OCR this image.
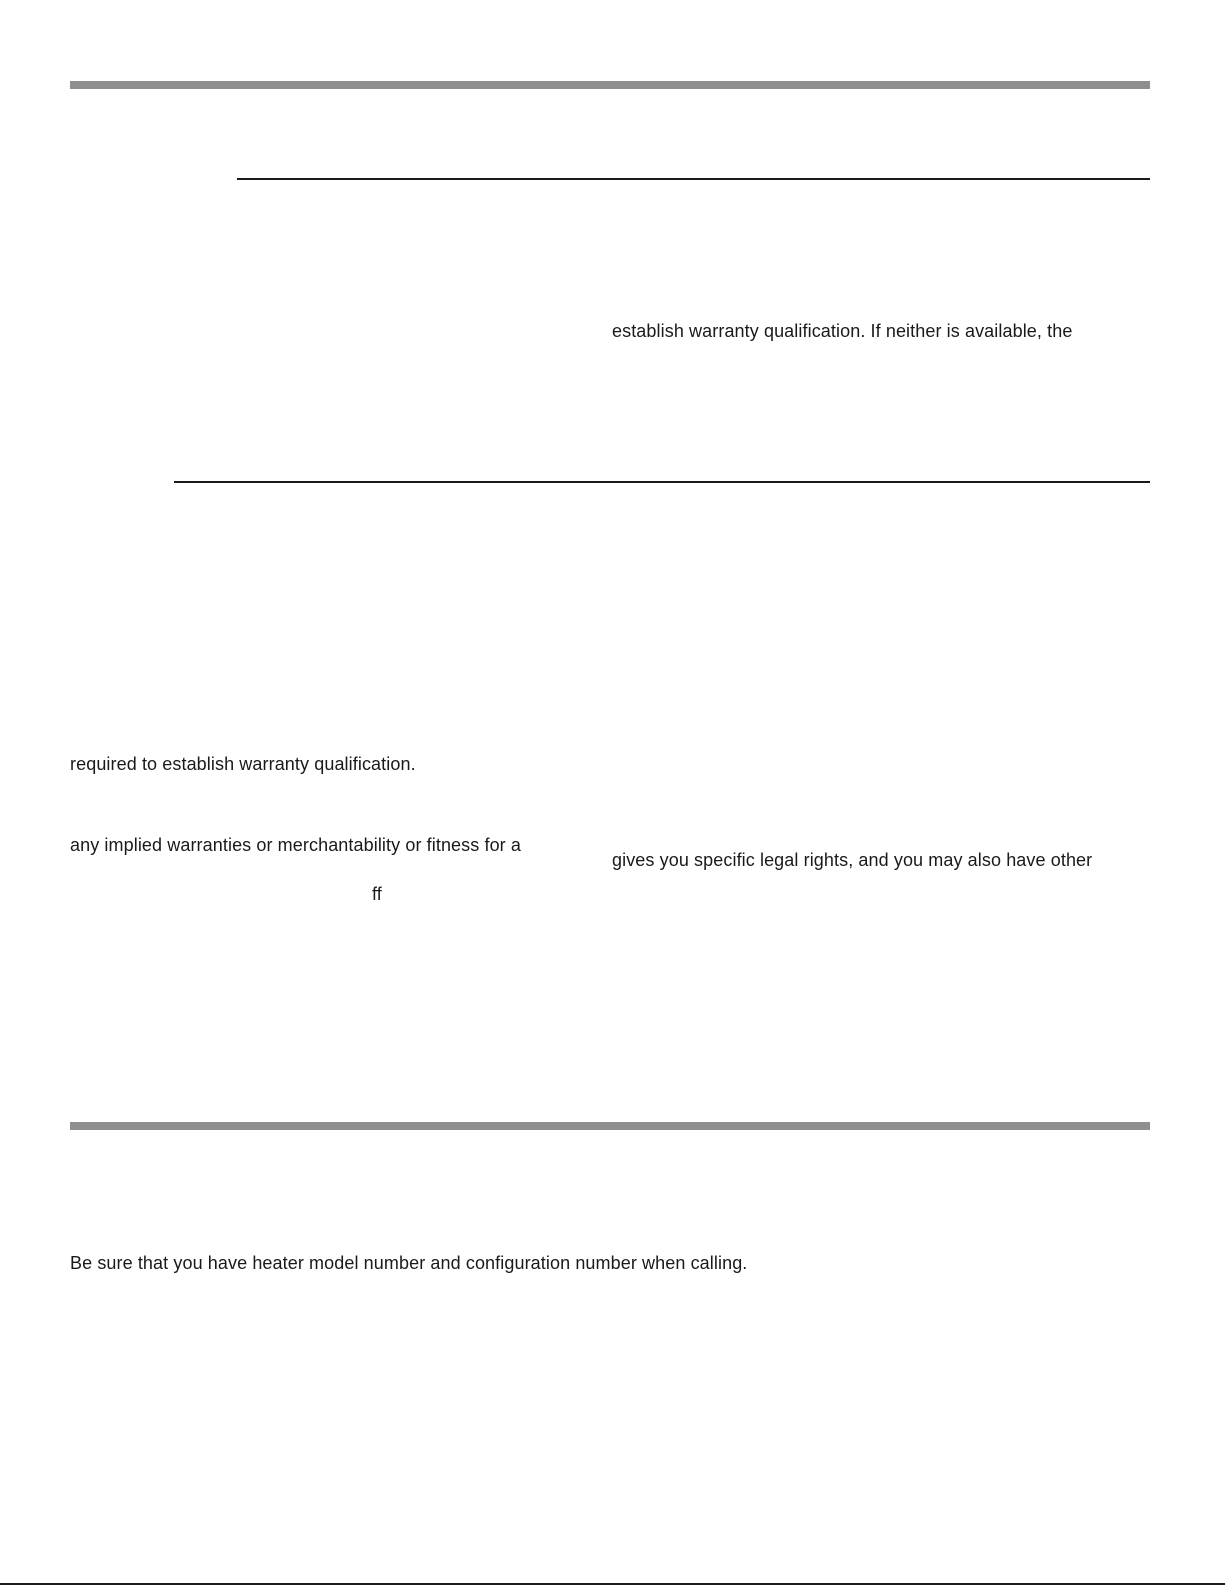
establish warranty qualification. If neither is available, the
required to establish warranty qualification.
any implied warranties or merchantability or fitness for a
ff
gives you specific legal rights, and you may also have other
Be sure that you have heater model number and configuration number when calling.
